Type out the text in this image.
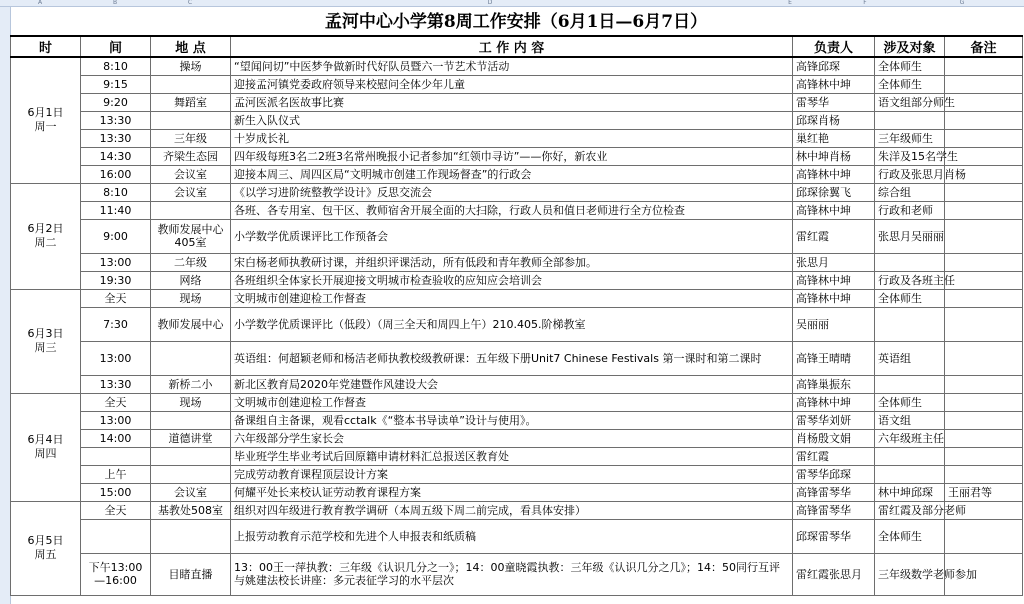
A	B	C	D	E	F	G
孟河中心小学第8周工作安排（6月1日—6月7日）
时	间	地 点	工 作 内 容	负责人	涉及对象	备注

6月1日
周一	8:10	操场	“望闻问切”中医梦争做新时代好队员暨六一节艺术节活动	高锋邱琛	全体师生	
	9:15		迎接孟河镇党委政府领导来校慰问全体少年儿童	高锋林中坤	全体师生	
	9:20	舞蹈室	孟河医派名医故事比赛	雷琴华	语文组部分师生	
	13:30		新生入队仪式	邱琛肖杨		
	13:30	三年级	十岁成长礼	巢红艳	三年级师生	
	14:30	齐梁生态园	四年级每班3名二2班3名常州晚报小记者参加“红领巾寻访”——你好，新农业	林中坤肖杨	朱洋及15名学生	
	16:00	会议室	迎接本周三、周四区局“文明城市创建工作现场督查”的行政会	高锋林中坤	行政及张思月肖杨	

6月2日
周二	8:10	会议室	《以学习进阶统整教学设计》反思交流会	邱琛徐翼飞	综合组	
	11:40		各班、各专用室、包干区、教师宿舍开展全面的大扫除，行政人员和值日老师进行全方位检查	高锋林中坤	行政和老师	
	9:00	教师发展中心405室	小学数学优质课评比工作预备会	雷红霞	张思月吴丽丽	
	13:00	二年级	宋白杨老师执教研讨课，并组织评课活动，所有低段和青年教师全部参加。	张思月		
	19:30	网络	各班组织全体家长开展迎接文明城市检查验收的应知应会培训会	高锋林中坤	行政及各班主任	

6月3日
周三	全天	现场	文明城市创建迎检工作督查	高锋林中坤	全体师生	
	7:30	教师发展中心	小学数学优质课评比（低段）（周三全天和周四上午）210.405.阶梯教室	吴丽丽		
	13:00		英语组：何超颖老师和杨洁老师执教校级教研课：五年级下册Unit7 Chinese Festivals 第一课时和第二课时	高锋王晴晴	英语组	
	13:30	新桥二小	新北区教育局2020年党建暨作风建设大会	高锋巢振东		

6月4日
周四	全天	现场	文明城市创建迎检工作督查	高锋林中坤	全体师生	
	13:00		备课组自主备课，观看cctalk《“整本书导读单”设计与使用》。	雷琴华刘妍	语文组	
	14:00	道德讲堂	六年级部分学生家长会	肖杨殷文娟	六年级班主任	
			毕业班学生毕业考试后回原籍申请材料汇总报送区教育处	雷红霞		
	上午		完成劳动教育课程顶层设计方案	雷琴华邱琛		
	15:00	会议室	何耀平处长来校认证劳动教育课程方案	高锋雷琴华	林中坤邱琛	王丽君等

6月5日
周五	全天	基教处508室	组织对四年级进行教育教学调研（本周五级下周二前完成，看具体安排）	高锋雷琴华	雷红霞及部分老师	
			上报劳动教育示范学校和先进个人申报表和纸质稿	邱琛雷琴华	全体师生	
	下午13:00—16:00	目睹直播	13：00王一萍执教：三年级《认识几分之一》；14：00童晓霞执教：三年级《认识几分之几》；14：50同行互评与姚建法校长讲座：多元表征学习的水平层次	雷红霞张思月	三年级数学老师参加	
